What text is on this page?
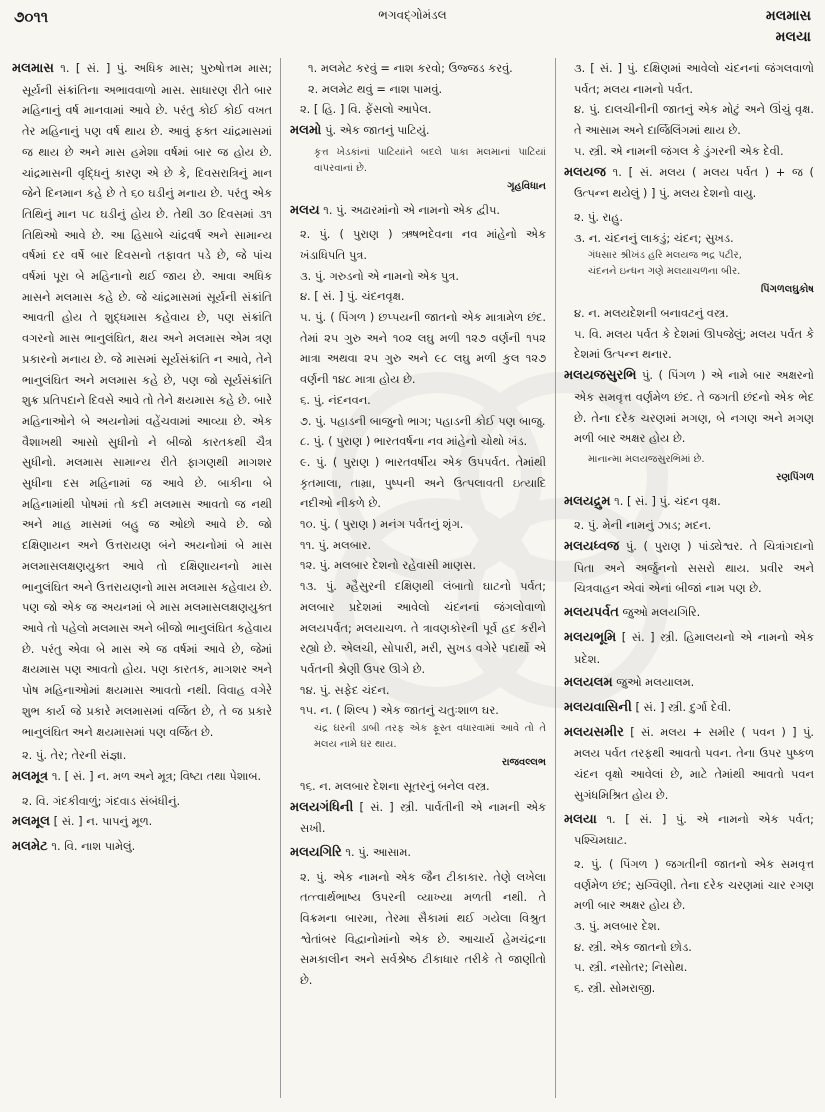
૭૦૧૧	ભગવદ્ગોમંડલ	મલમાસ
મલયા

મલમાસ ૧. [ સં. ] પું. અધિક માસ; પુરુષોત્તમ માસ; સૂર્યની સંક્રાંતિના અભાવવાળો માસ. સાધારણ રીતે બાર મહિનાનું વર્ષ માનવામાં આવે છે. પરંતુ કોઈ કોઈ વખત તેર મહિનાનું પણ વર્ષ થાય છે. આવું ફક્ત ચાંદ્રમાસમાં જ થાય છે અને માસ હમેશા વર્ષમાં બાર જ હોય છે. ચાંદ્રમાસની વૃદ્ધિનું કારણ એ છે કે, દિવસરાત્રિનું માન જેને દિનમાન કહે છે તે ૬૦ ઘડીનું મનાય છે. પરંતુ એક તિથિનું માન ૫૮ ઘડીનું હોય છે. તેથી ૩૦ દિવસમાં ૩૧ તિથિઓ આવે છે. આ હિસાબે ચાંદ્રવર્ષ અને સામાન્ય વર્ષમાં દર વર્ષે બાર દિવસનો તફાવત પડે છે, જે પાંચ વર્ષમાં પૂરા બે મહિનાનો થઈ જાય છે. આવા અધિક માસને મલમાસ કહે છે. જે ચાંદ્રમાસમાં સૂર્યની સંક્રાંતિ આવતી હોય તે શુદ્ધમાસ કહેવાય છે, પણ સંક્રાંતિ વગરનો માસ ભાનુલંઘિત, ક્ષય અને મલમાસ એમ ત્રણ પ્રકારનો મનાય છે. જે માસમાં સૂર્યસંક્રાંતિ ન આવે, તેને ભાનુલંઘિત અને મલમાસ કહે છે, પણ જો સૂર્યસંક્રાંતિ શુક્ર પ્રતિપદાને દિવસે આવે તો તેને ક્ષયમાસ કહે છે. બારે મહિનાઓને બે અયનોમાં વહેંચવામાં આવ્યા છે. એક વૈશાખથી આસો સુધીનો ને બીજો કારતકથી ચૈત્ર સુધીનો. મલમાસ સામાન્ય રીતે ફાગણથી માગશર સુધીના દસ મહિનામાં જ આવે છે. બાકીના બે મહિનામાંથી પોષમાં તો કદી મલમાસ આવતો જ નથી અને માહ માસમાં બહુ જ ઓછો આવે છે. જો દક્ષિણાયન અને ઉત્તરાયણ બંને અયનોમાં બે માસ મલમાસલક્ષણયુક્ત આવે તો દક્ષિણાયનનો માસ ભાનુલંઘિત અને ઉત્તરાયણનો માસ મલમાસ કહેવાય છે. પણ જો એક જ અયનમાં બે માસ મલમાસલક્ષણયુક્ત આવે તો પહેલો મલમાસ અને બીજો ભાનુલંઘિત કહેવાય છે. પરંતુ એવા બે માસ એ જ વર્ષમાં આવે છે, જેમાં ક્ષયમાસ પણ આવતો હોય. પણ કારતક, માગશર અને પોષ મહિનાઓમાં ક્ષયમાસ આવતો નથી. વિવાહ વગેરે શુભ કાર્ય જે પ્રકારે મલમાસમાં વર્જિત છે, તે જ પ્રકારે ભાનુલંઘિત અને ક્ષયમાસમાં પણ વર્જિત છે.

૨. પું. તેર; તેરની સંજ્ઞા.

મલમૂત્ર ૧. [ સં. ] ન. મળ અને મૂત્ર; વિષ્ટા તથા પેશાબ.

૨. વિ. ગંદકીવાળું; ગંદવાડ સંબંધીનું.

મલમૂલ [ સં. ] ન. પાપનું મૂળ.

મલમેટ ૧. વિ. નાશ પામેલું.

૧. મલમેટ કરવું = નાશ કરવો; ઉજ્જડ કરવું.

૨. મલમેટ થવું = નાશ પામવું.

૨. [ હિ. ] વિ. ફેંસલો આપેલ.

મલમો પું. એક જાતનું પાટિયું.

કૃત્ત ખેડકાંનાં પાટિયાંને બદલે પાકા મલમાનાં પાટિયાં વાપરવાનાં છે.

ગૃહવિધાન

મલય ૧. પું. અઢારમાંનો એ નામનો એક દ્વીપ.

૨. પું. ( પુરાણ ) ઋષભદેવના નવ માંહેનો એક ખંડાધિપતિ પુત્ર.

૩. પું. ગરુડનો એ નામનો એક પુત્ર.

૪. [ સં. ] પું. ચંદનવૃક્ષ.

૫. પું. ( પિંગળ ) છપ્પયની જાતનો એક માત્રામેળ છંદ. તેમાં ૨૫ ગુરુ અને ૧૦૨ લઘુ મળી ૧૨૭ વર્ણની ૧૫૨ માત્રા અથવા ૨૫ ગુરુ અને ૯૮ લઘુ મળી કુલ ૧૨૭ વર્ણની ૧૪૮ માત્રા હોય છે.

૬. પું. નંદનવન.

૭. પું. પહાડની બાજુનો ભાગ; પહાડની કોઈ પણ બાજુ.

૮. પું. ( પુરાણ ) ભારતવર્ષના નવ માંહેનો ચોથો ખંડ.

૯. પું. ( પુરાણ ) ભારતવર્ષીય એક ઉપપર્વત. તેમાંથી કૃતમાલા, તામ્રા, પુષ્પની અને ઉત્પલાવતી ઇત્યાદિ નદીઓ નીકળે છે.

૧૦. પું. ( પુરાણ ) મનંગ પર્વતનું શૃંગ.

૧૧. પું. મલબાર.

૧૨. પું. મલબાર દેશનો રહેવાસી માણસ.

૧૩. પું. મ્હૈસુરની દક્ષિણથી લંબાતો ઘાટનો પર્વત; મલબાર પ્રદેશમાં આવેલો ચંદનનાં જંગલોવાળો મલયપર્વત; મલયાચળ. તે ત્રાવણકોરની પૂર્વ હદ કરીને રહ્યો છે. એલચી, સોપારી, મરી, સુખડ વગેરે પદાર્થો એ પર્વતની શ્રેણી ઉપર ઊગે છે.

૧૪. પું. સફેદ ચંદન.

૧૫. ન. ( શિલ્પ ) એક જાતનું ચતુઃશાળ ઘર.

ચંદ્ર ઘરની ડાબી તરફ એક ફૂસ્ત વધારવામાં આવે તો તે મલય નામે ઘર થાય.

રાજવલ્લભ

૧૬. ન. મલબાર દેશના સૂતરનું બનેલ વસ્ત્ર.

મલયગંધિની [ સં. ] સ્ત્રી. પાર્વતીની એ નામની એક સખી.

મલયગિરિ ૧. પું. આસામ.

૨. પું. એક નામનો એક જૈન ટીકાકાર. તેણે લખેલા તત્ત્વાર્થભાષ્ય ઉપરની વ્યાખ્યા મળતી નથી. તે વિક્રમના બારમા, તેરમા સૈકામાં થઈ ગયેલા વિશ્રુત શ્વેતાંબર વિદ્વાનોમાંનો એક છે. આચાર્ય હેમચંદ્રના સમકાલીન અને સર્વશ્રેષ્ઠ ટીકાધાર તરીકે તે જાણીતો છે.

૩. [ સં. ] પું. દક્ષિણમાં આવેલો ચંદનનાં જંગલવાળો પર્વત; મલય નામનો પર્વત.

૪. પું. દાલચીનીની જાતનું એક મોટું અને ઊંચું વૃક્ષ. તે આસામ અને દાર્જિલિંગમાં થાય છે.

૫. સ્ત્રી. એ નામની જંગલ કે ડુંગરની એક દેવી.

મલયજ ૧. [ સં. મલય ( મલય પર્વત ) + જ ( ઉત્પન્ન થયેલું ) ] પું. મલય દેશનો વાયુ.

૨. પું. રાહુ.

૩. ન. ચંદનનું લાકડું; ચંદન; સુખડ.

ગંધસાર શ્રીખંડ હરિ મલયજ ભદ્ર પટીર,

ચંદનને ઇન્ધન ગણે મલયાચળના બીર.

પિંગળલઘુકોષ

૪. ન. મલયદેશની બનાવટનું વસ્ત્ર.

૫. વિ. મલય પર્વત કે દેશમાં ઊપજેલું; મલય પર્વત કે દેશમાં ઉત્પન્ન થનાર.

મલયજસુરભિ પું. ( પિંગળ ) એ નામે બાર અક્ષરનો એક સમવૃત્ત વર્ણમેળ છંદ. તે જગતી છંદનો એક ભેદ છે. તેના દરેક ચરણમાં મગણ, બે નગણ અને મગણ મળી બાર અક્ષર હોય છે.

માનાન્મા મલયજસુરભિમાં છે.

રણપિંગળ

મલયદ્રુમ ૧. [ સં. ] પું. ચંદન વૃક્ષ.

૨. પું. મેની નામનું ઝાડ; મદન.

મલયધ્વજ પું. ( પુરાણ ) પાંડ્યેશ્વર. તે ચિત્રાંગદાનો પિતા અને અર્જુનનો સસરો થાય. પ્રવીર અને ચિત્રવાહન એવાં એનાં બીજાં નામ પણ છે.

મલયપર્વત જુઓ મલયગિરિ.

મલયભૂમિ [ સં. ] સ્ત્રી. હિમાલયનો એ નામનો એક પ્રદેશ.

મલયલમ જુઓ મલયાલમ.

મલયવાસિની [ સં. ] સ્ત્રી. દુર્ગા દેવી.

મલયસમીર [ સં. મલય + સમીર ( પવન ) ] પું. મલય પર્વત તરફથી આવતો પવન. તેના ઉપર પુષ્કળ ચંદન વૃક્ષો આવેલાં છે, માટે તેમાંથી આવતો પવન સુગંધમિશ્રિત હોય છે.

મલયા ૧. [ સં. ] પું. એ નામનો એક પર્વત; પશ્ચિમઘાટ.

૨. પું. ( પિંગળ ) જગતીની જાતનો એક સમવૃત્ત વર્ણમેળ છંદ; સ્રગ્વિણી. તેના દરેક ચરણમાં ચાર રગણ મળી બાર અક્ષર હોય છે.

૩. પું. મલબાર દેશ.

૪. સ્ત્રી. એક જાતનો છોડ.

૫. સ્ત્રી. નસોતર; નિસોથ.

૬. સ્ત્રી. સોમરાજી.
